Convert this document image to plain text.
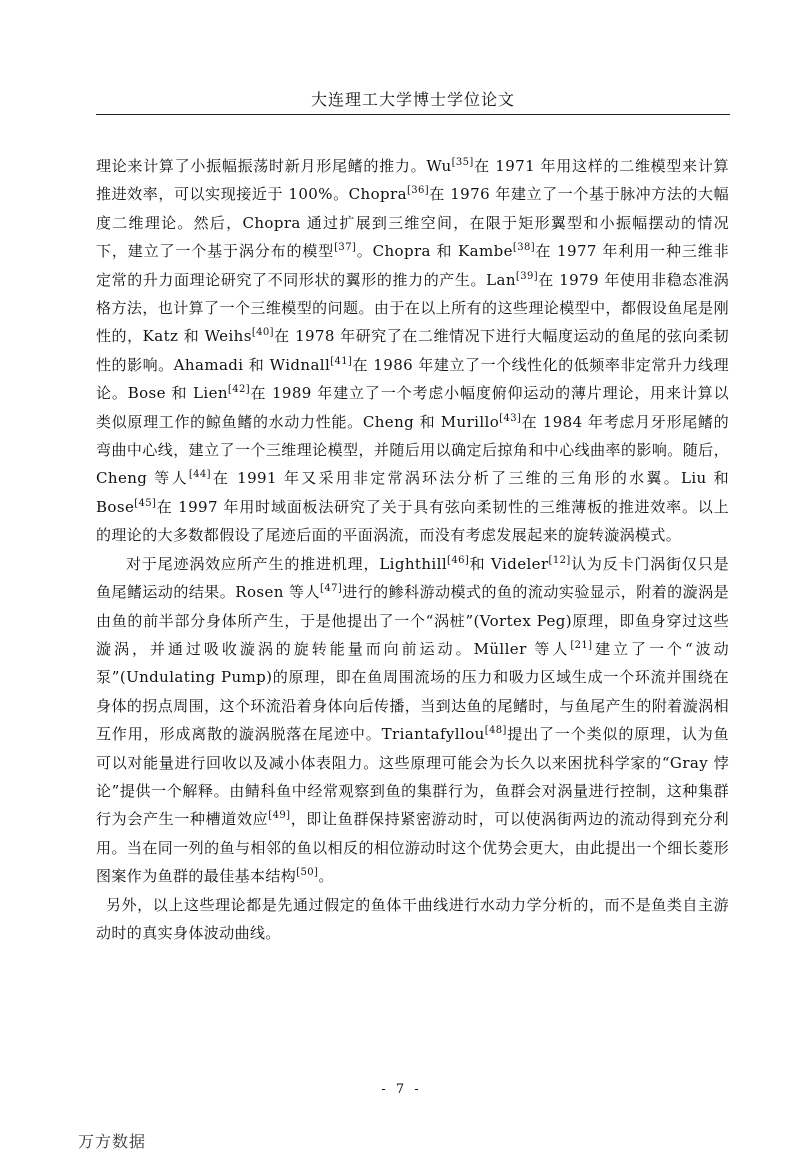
大连理工大学博士学位论文

理论来计算了小振幅振荡时新月形尾鳍的推力。Wu[35]在 1971 年用这样的二维模型来计算推进效率，可以实现接近于 100%。Chopra[36]在 1976 年建立了一个基于脉冲方法的大幅度二维理论。然后，Chopra 通过扩展到三维空间，在限于矩形翼型和小振幅摆动的情况下，建立了一个基于涡分布的模型[37]。Chopra 和 Kambe[38]在 1977 年利用一种三维非定常的升力面理论研究了不同形状的翼形的推力的产生。Lan[39]在 1979 年使用非稳态准涡格方法，也计算了一个三维模型的问题。由于在以上所有的这些理论模型中，都假设鱼尾是刚性的，Katz 和 Weihs[40]在 1978 年研究了在二维情况下进行大幅度运动的鱼尾的弦向柔韧性的影响。Ahamadi 和 Widnall[41]在 1986 年建立了一个线性化的低频率非定常升力线理论。Bose 和 Lien[42]在 1989 年建立了一个考虑小幅度俯仰运动的薄片理论，用来计算以类似原理工作的鲸鱼鳍的水动力性能。Cheng 和 Murillo[43]在 1984 年考虑月牙形尾鳍的弯曲中心线，建立了一个三维理论模型，并随后用以确定后掠角和中心线曲率的影响。随后，Cheng 等人[44]在 1991 年又采用非定常涡环法分析了三维的三角形的水翼。Liu 和 Bose[45]在 1997 年用时域面板法研究了关于具有弦向柔韧性的三维薄板的推进效率。以上的理论的大多数都假设了尾迹后面的平面涡流，而没有考虑发展起来的旋转漩涡模式。

对于尾迹涡效应所产生的推进机理，Lighthill[46]和 Videler[12]认为反卡门涡街仅只是鱼尾鳍运动的结果。Rosen 等人[47]进行的鲹科游动模式的鱼的流动实验显示，附着的漩涡是由鱼的前半部分身体所产生，于是他提出了一个“涡桩”(Vortex Peg)原理，即鱼身穿过这些漩涡，并通过吸收漩涡的旋转能量而向前运动。Müller 等人[21]建立了一个“波动泵”(Undulating Pump)的原理，即在鱼周围流场的压力和吸力区域生成一个环流并围绕在身体的拐点周围，这个环流沿着身体向后传播，当到达鱼的尾鳍时，与鱼尾产生的附着漩涡相互作用，形成离散的漩涡脱落在尾迹中。Triantafyllou[48]提出了一个类似的原理，认为鱼可以对能量进行回收以及减小体表阻力。这些原理可能会为长久以来困扰科学家的“Gray 悖论”提供一个解释。由鲭科鱼中经常观察到鱼的集群行为，鱼群会对涡量进行控制，这种集群行为会产生一种槽道效应[49]，即让鱼群保持紧密游动时，可以使涡街两边的流动得到充分利用。当在同一列的鱼与相邻的鱼以相反的相位游动时这个优势会更大，由此提出一个细长菱形图案作为鱼群的最佳基本结构[50]。

另外，以上这些理论都是先通过假定的鱼体干曲线进行水动力学分析的，而不是鱼类自主游动时的真实身体波动曲线。

- 7 -
万方数据
